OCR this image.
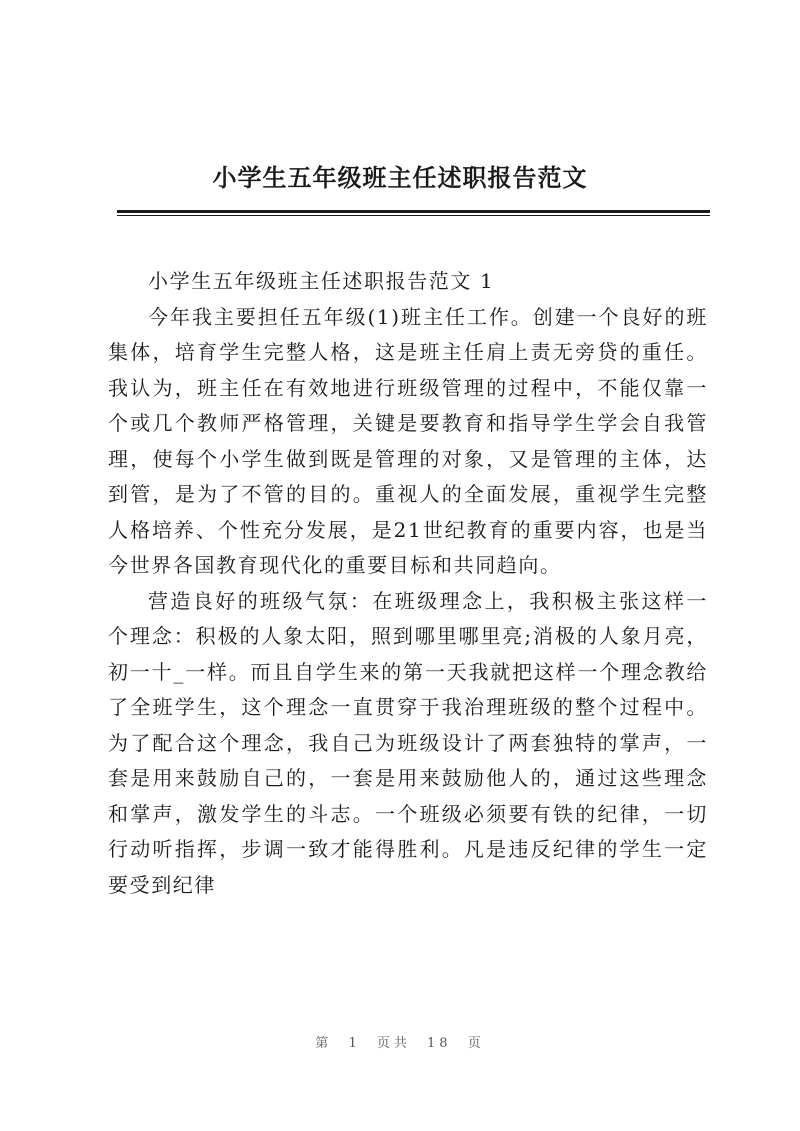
小学生五年级班主任述职报告范文

小学生五年级班主任述职报告范文 1

今年我主要担任五年级(1)班主任工作。创建一个良好的班集体，培育学生完整人格，这是班主任肩上责无旁贷的重任。我认为，班主任在有效地进行班级管理的过程中，不能仅靠一个或几个教师严格管理，关键是要教育和指导学生学会自我管理，使每个小学生做到既是管理的对象，又是管理的主体，达到管，是为了不管的目的。重视人的全面发展，重视学生完整人格培养、个性充分发展，是21世纪教育的重要内容，也是当今世界各国教育现代化的重要目标和共同趋向。

营造良好的班级气氛：在班级理念上，我积极主张这样一个理念：积极的人象太阳，照到哪里哪里亮;消极的人象月亮，初一十_一样。而且自学生来的第一天我就把这样一个理念教给了全班学生，这个理念一直贯穿于我治理班级的整个过程中。为了配合这个理念，我自己为班级设计了两套独特的掌声，一套是用来鼓励自己的，一套是用来鼓励他人的，通过这些理念和掌声，激发学生的斗志。一个班级必须要有铁的纪律，一切行动听指挥，步调一致才能得胜利。凡是违反纪律的学生一定要受到纪律

第 1 页共 18 页
